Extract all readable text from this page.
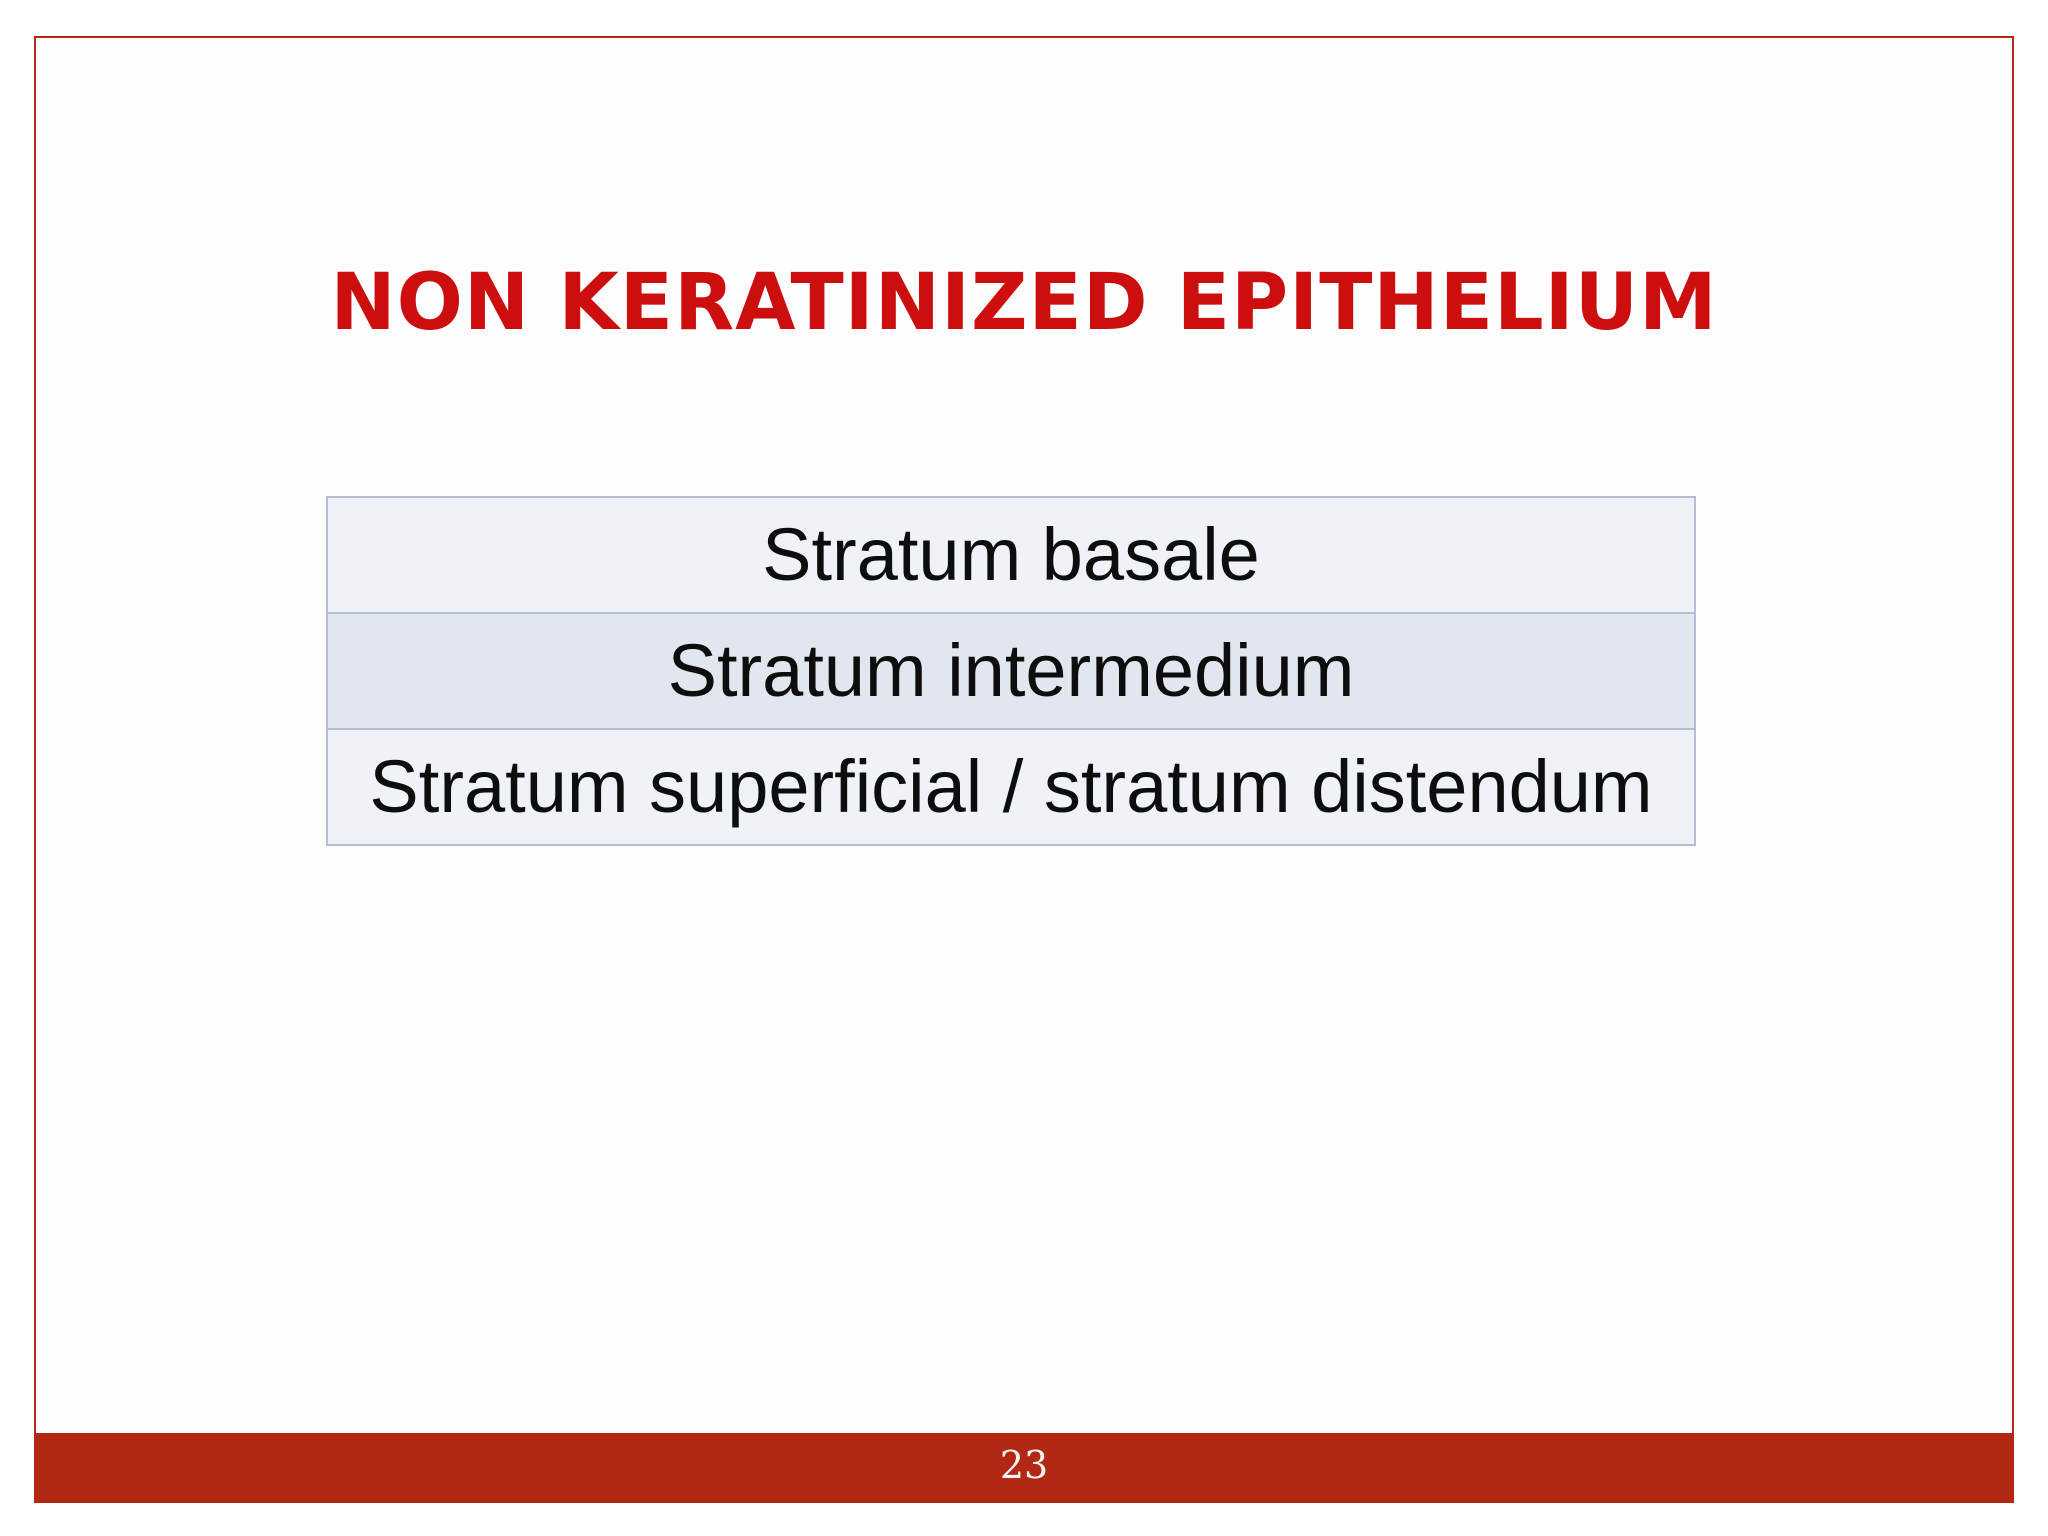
NON KERATINIZED EPITHELIUM
Stratum basale
Stratum intermedium
Stratum superficial / stratum distendum
23
